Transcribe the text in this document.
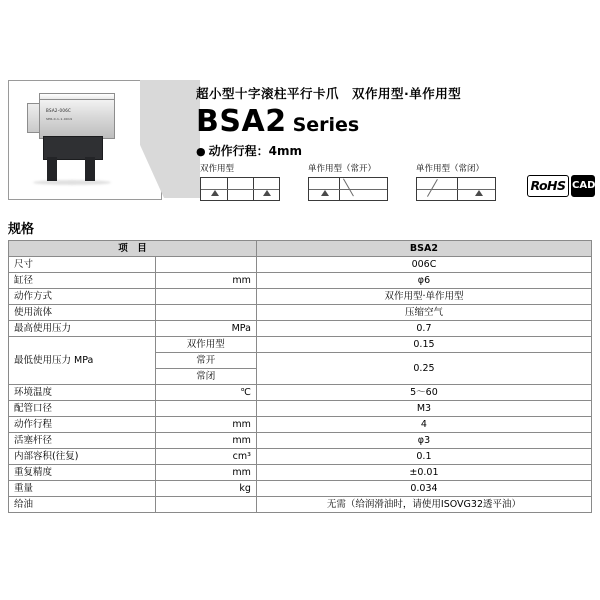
BSA2-006C
SER-0-1-1-0019
超小型十字滚柱平行卡爪　双作用型·单作用型
BSA2 Series
● 动作行程：4mm
双作用型	单作用型（常开）	单作用型（常闭）
RoHS CAD
规格
项　目		BSA2
尺寸		006C
缸径	mm	φ6
动作方式		双作用型·单作用型
使用流体		压缩空气
最高使用压力	MPa	0.7
最低使用压力 MPa	双作用型	0.15
	常开	0.25
	常闭	
环境温度	℃	5～60
配管口径		M3
动作行程	mm	4
活塞杆径	mm	φ3
内部容积(往复)	cm³	0.1
重复精度	mm	±0.01
重量	kg	0.034
给油		无需（给润滑油时，请使用ISOVG32透平油）
